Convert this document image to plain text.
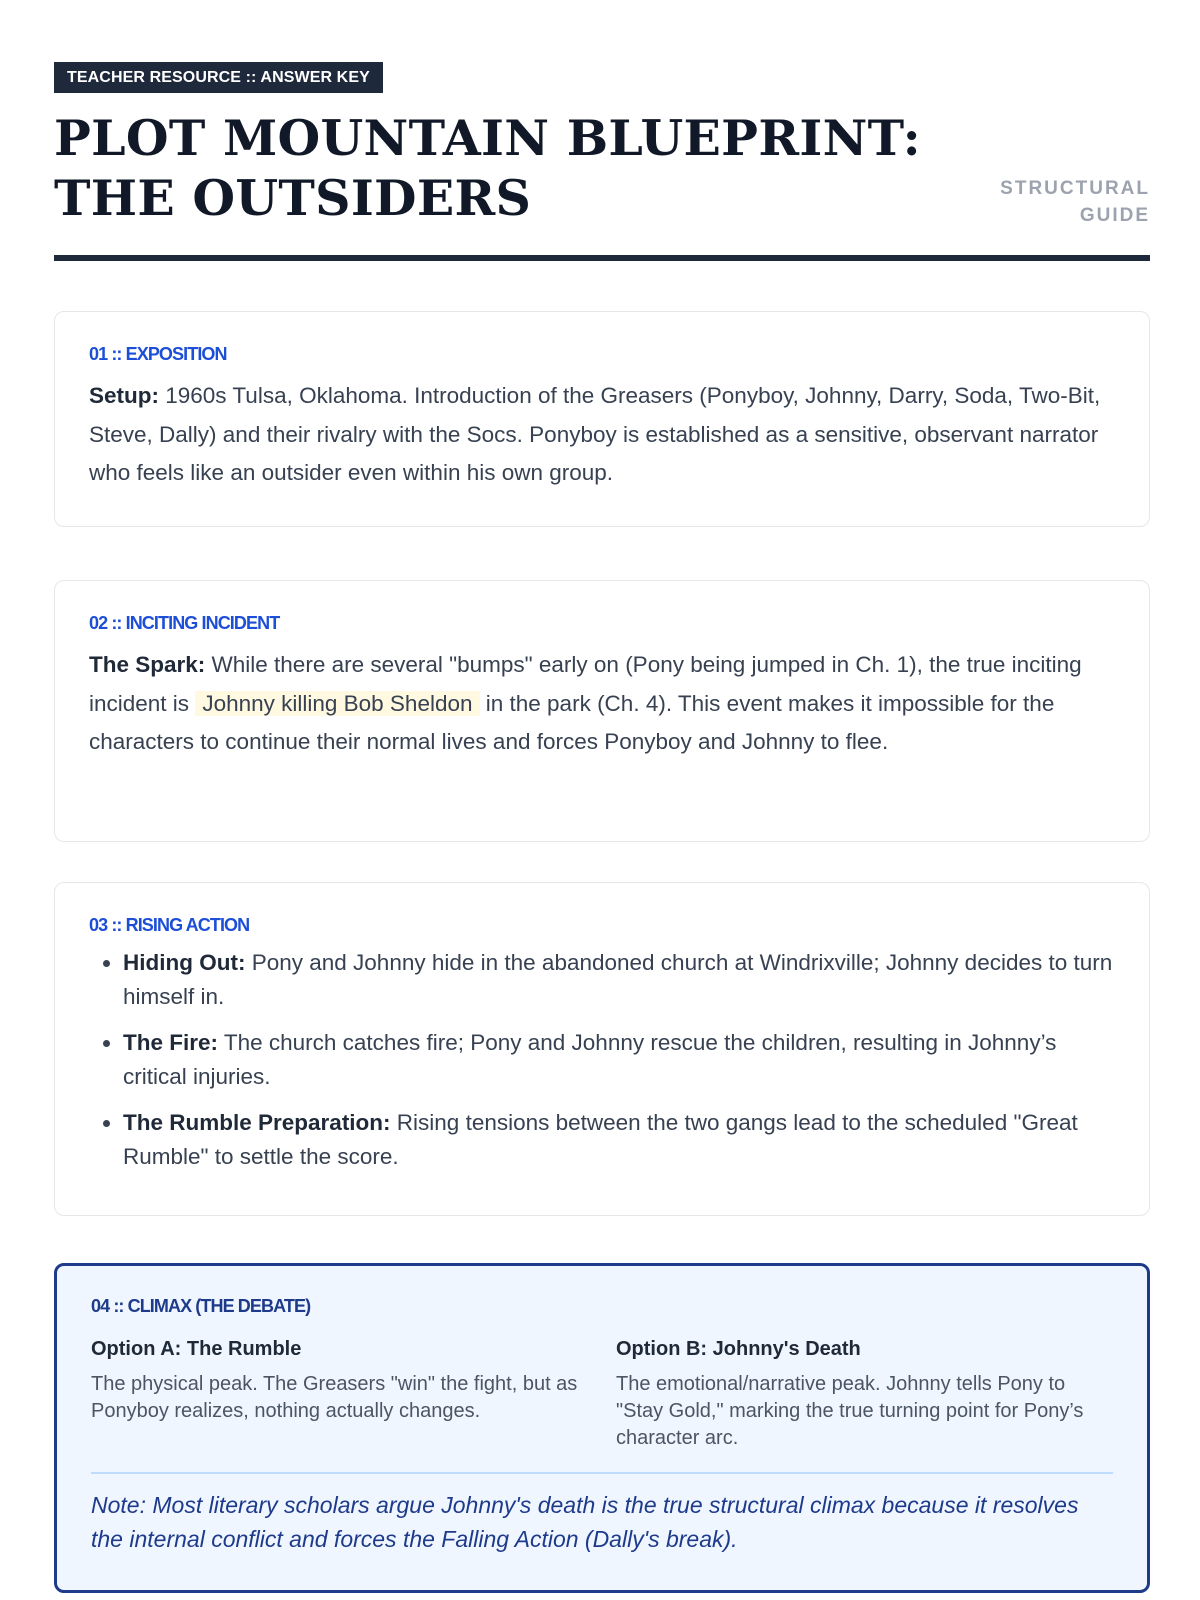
TEACHER RESOURCE :: ANSWER KEY
PLOT MOUNTAIN BLUEPRINT: THE OUTSIDERS	STRUCTURAL GUIDE
01 :: EXPOSITION

Setup: 1960s Tulsa, Oklahoma. Introduction of the Greasers (Ponyboy, Johnny, Darry, Soda, Two-Bit, Steve, Dally) and their rivalry with the Socs. Ponyboy is established as a sensitive, observant narrator who feels like an outsider even within his own group.

02 :: INCITING INCIDENT

The Spark: While there are several "bumps" early on (Pony being jumped in Ch. 1), the true inciting incident is Johnny killing Bob Sheldon in the park (Ch. 4). This event makes it impossible for the characters to continue their normal lives and forces Ponyboy and Johnny to flee.

03 :: RISING ACTION
• Hiding Out: Pony and Johnny hide in the abandoned church at Windrixville; Johnny decides to turn himself in.
• The Fire: The church catches fire; Pony and Johnny rescue the children, resulting in Johnny’s critical injuries.
• The Rumble Preparation: Rising tensions between the two gangs lead to the scheduled "Great Rumble" to settle the score.
04 :: CLIMAX (THE DEBATE)
Option A: The Rumble

The physical peak. The Greasers "win" the fight, but as Ponyboy realizes, nothing actually changes.

Option B: Johnny's Death

The emotional/narrative peak. Johnny tells Pony to "Stay Gold," marking the true turning point for Pony’s character arc.

Note: Most literary scholars argue Johnny's death is the true structural climax because it resolves the internal conflict and forces the Falling Action (Dally's break).
